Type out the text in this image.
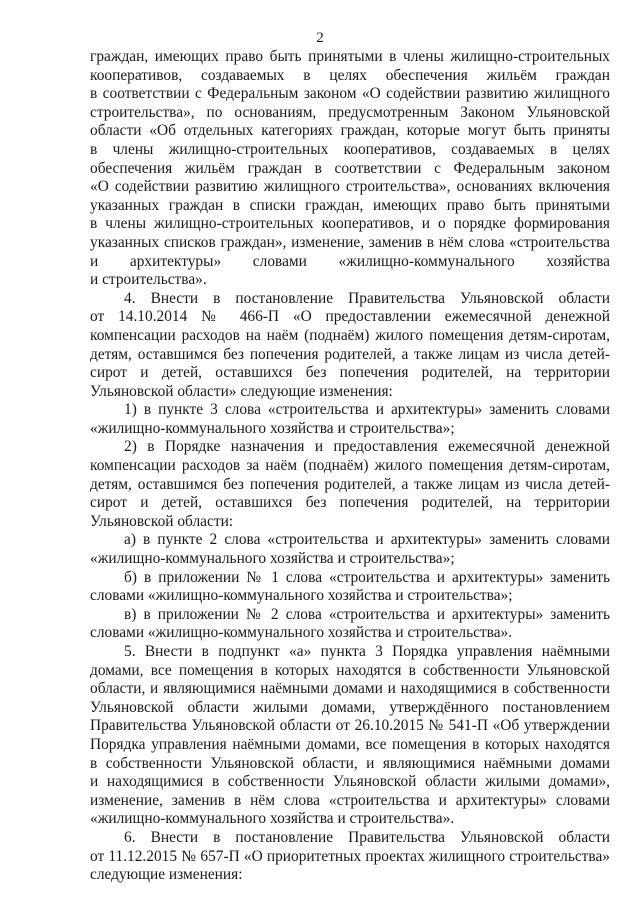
2
граждан, имеющих право быть принятыми в члены жилищно-строительных
кооперативов, создаваемых в целях обеспечения жильём граждан
в соответствии с Федеральным законом «О содействии развитию жилищного
строительства», по основаниям, предусмотренным Законом Ульяновской
области «Об отдельных категориях граждан, которые могут быть приняты
в члены жилищно-строительных кооперативов, создаваемых в целях
обеспечения жильём граждан в соответствии с Федеральным законом
«О содействии развитию жилищного строительства», основаниях включения
указанных граждан в списки граждан, имеющих право быть принятыми
в члены жилищно-строительных кооперативов, и о порядке формирования
указанных списков граждан», изменение, заменив в нём слова «строительства
и архитектуры» словами «жилищно-коммунального хозяйства
и строительства».
4. Внести в постановление Правительства Ульяновской области
от 14.10.2014 № 466-П «О предоставлении ежемесячной денежной
компенсации расходов на наём (поднаём) жилого помещения детям-сиротам,
детям, оставшимся без попечения родителей, а также лицам из числа детей-
сирот и детей, оставшихся без попечения родителей, на территории
Ульяновской области» следующие изменения:
1) в пункте 3 слова «строительства и архитектуры» заменить словами
«жилищно-коммунального хозяйства и строительства»;
2) в Порядке назначения и предоставления ежемесячной денежной
компенсации расходов за наём (поднаём) жилого помещения детям-сиротам,
детям, оставшимся без попечения родителей, а также лицам из числа детей-
сирот и детей, оставшихся без попечения родителей, на территории
Ульяновской области:
а) в пункте 2 слова «строительства и архитектуры» заменить словами
«жилищно-коммунального хозяйства и строительства»;
б) в приложении № 1 слова «строительства и архитектуры» заменить
словами «жилищно-коммунального хозяйства и строительства»;
в) в приложении № 2 слова «строительства и архитектуры» заменить
словами «жилищно-коммунального хозяйства и строительства».
5. Внести в подпункт «а» пункта 3 Порядка управления наёмными
домами, все помещения в которых находятся в собственности Ульяновской
области, и являющимися наёмными домами и находящимися в собственности
Ульяновской области жилыми домами, утверждённого постановлением
Правительства Ульяновской области от 26.10.2015 № 541-П «Об утверждении
Порядка управления наёмными домами, все помещения в которых находятся
в собственности Ульяновской области, и являющимися наёмными домами
и находящимися в собственности Ульяновской области жилыми домами»,
изменение, заменив в нём слова «строительства и архитектуры» словами
«жилищно-коммунального хозяйства и строительства».
6. Внести в постановление Правительства Ульяновской области
от 11.12.2015 № 657-П «О приоритетных проектах жилищного строительства»
следующие изменения:
